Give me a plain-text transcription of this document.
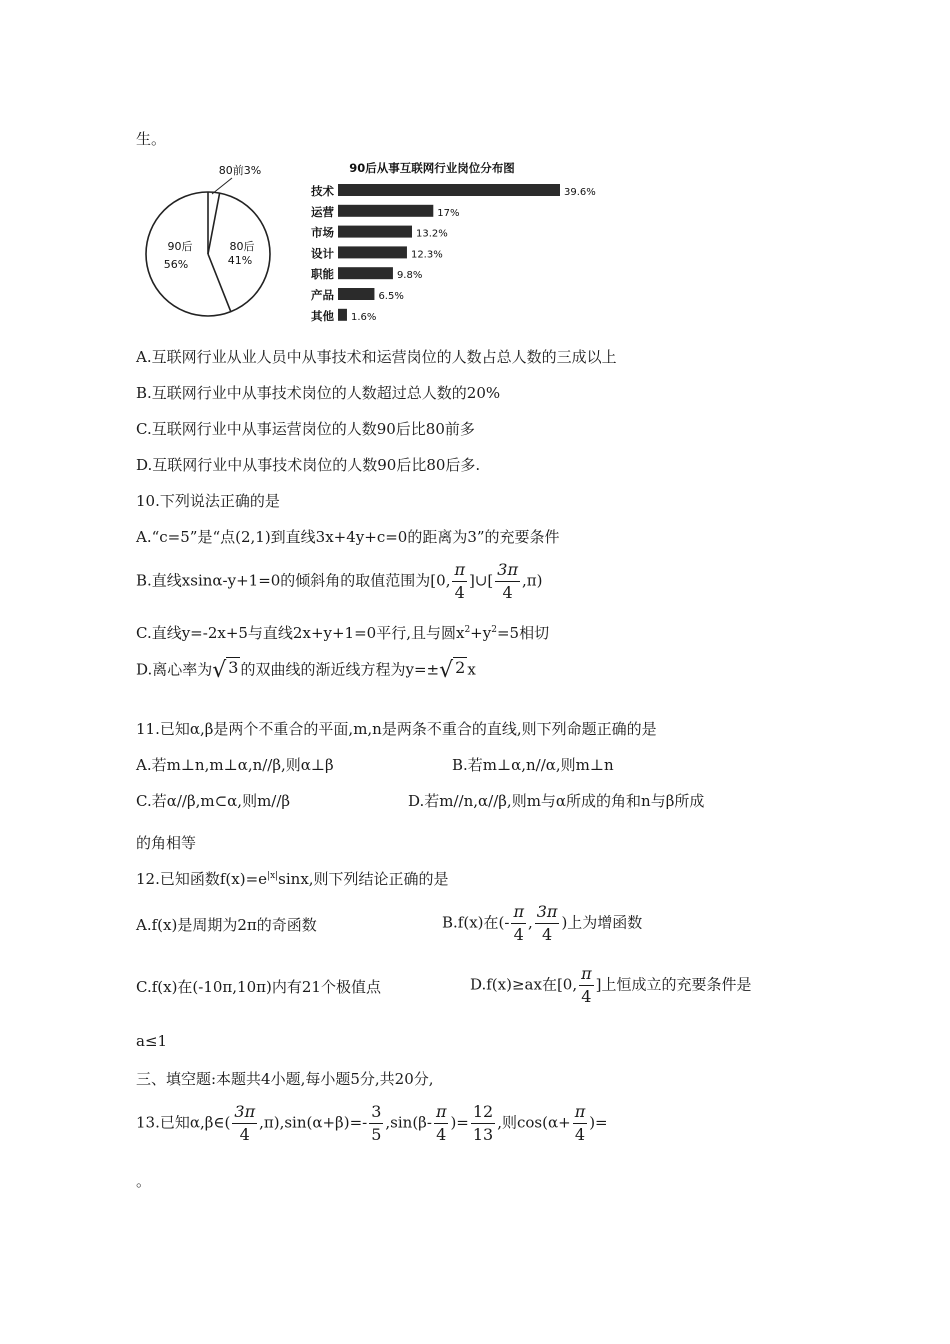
生。
80前3%
80后
41%
90后
56%
90后从事互联网行业岗位分布图
技术	39.6%
运营	17%
市场	13.2%
设计	12.3%
职能	9.8%
产品	6.5%
其他 1.6%
A.互联网行业从业人员中从事技术和运营岗位的人数占总人数的三成以上
B.互联网行业中从事技术岗位的人数超过总人数的20%
C.互联网行业中从事运营岗位的人数90后比80前多
D.互联网行业中从事技术岗位的人数90后比80后多.
10.下列说法正确的是
A.“c=5”是“点(2,1)到直线3x+4y+c=0的距离为3”的充要条件
B.直线xsinα-y+1=0的倾斜角的取值范围为[0, $\frac{\pi}{4}$ ]∪[ $\frac{3\pi}{4} ,\pi$)
C.直线y=-2x+5与直线2x+y+1=0平行,且与圆$x^2+y^2=5$相切
D.离心率为√ 3 的双曲线的渐近线方程为y=±√ 2 x
11.已知α,β是两个不重合的平面,m,n是两条不重合的直线,则下列命题正确的是
A.若m⊥n,m⊥α,n//β,则α⊥β	B.若m⊥α,n//α,则m⊥n
C.若α//β,m⊂α,则m//β	D.若m//n,α//β,则m与α所成的角和n与β所成
的角相等
12.已知函数$f(x)=e^{|x|}\sin x$,则下列结论正确的是
A.f(x)是周期为2π的奇函数	B.f(x)在(- $\frac{\pi}{4}$ , $\frac{3\pi}{4}$ )上为增函数
C.f(x)在(-10π,10π)内有21个极值点	D.f(x)≥ax在[0, $\frac{\pi}{4}$ ]上恒成立的充要条件是
a≤1
三、填空题:本题共4小题,每小题5分,共20分,
13.已知α,β∈( $\frac{3\pi}{4} ,\pi),\sin(\alpha+\beta)=- \frac{3}{5} ,\sin(\beta- \frac{\pi}{4}$ )= $\frac{12}{13}$ ,则$\cos(\alpha+ \frac{\pi}{4}$ )=
。
